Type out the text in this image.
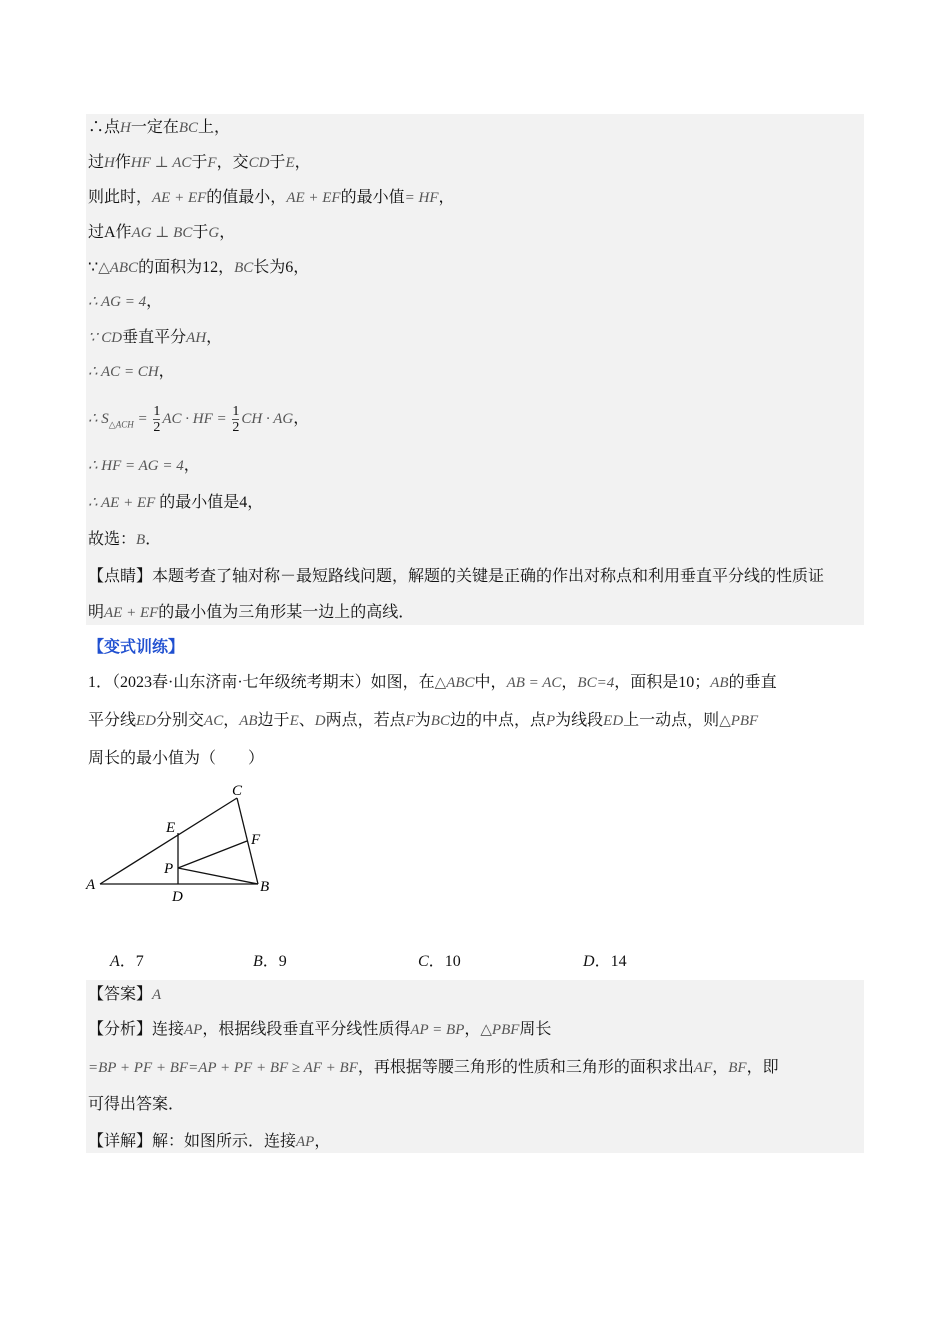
∴点H一定在BC上，
过H作HF ⊥ AC于F，交CD于E，
则此时，AE + EF的值最小，AE + EF的最小值= HF，
过A作AG ⊥ BC于G，
∵△ABC的面积为12，BC长为6，
∴ AG = 4，
∵ CD垂直平分AH，
∴ AC = CH，
∴ $S_{\triangle ACH} = \frac{1}{2}$ AC · HF = $\frac{1}{2}$ CH · AG，
∴ HF = AG = 4，
∴ AE + EF 的最小值是4，
故选：B．
【点睛】本题考查了轴对称－最短路线问题，解题的关键是正确的作出对称点和利用垂直平分线的性质证
明AE + EF的最小值为三角形某一边上的高线．
【变式训练】
1．（2023春·山东济南·七年级统考期末）如图，在△ABC中，AB = AC，BC=4，面积是10；AB的垂直
平分线ED分别交AC，AB边于E、D两点，若点F为BC边的中点，点P为线段ED上一动点，则△PBF
周长的最小值为（　　）
A	B
C
D
E
F
P
A．7	B．9	C．10	D．14
【答案】A
【分析】连接AP，根据线段垂直平分线性质得AP = BP，△PBF周长
=BP + PF + BF=AP + PF + BF ≥ AF + BF，再根据等腰三角形的性质和三角形的面积求出AF，BF，即
可得出答案．
【详解】解：如图所示．连接AP，
